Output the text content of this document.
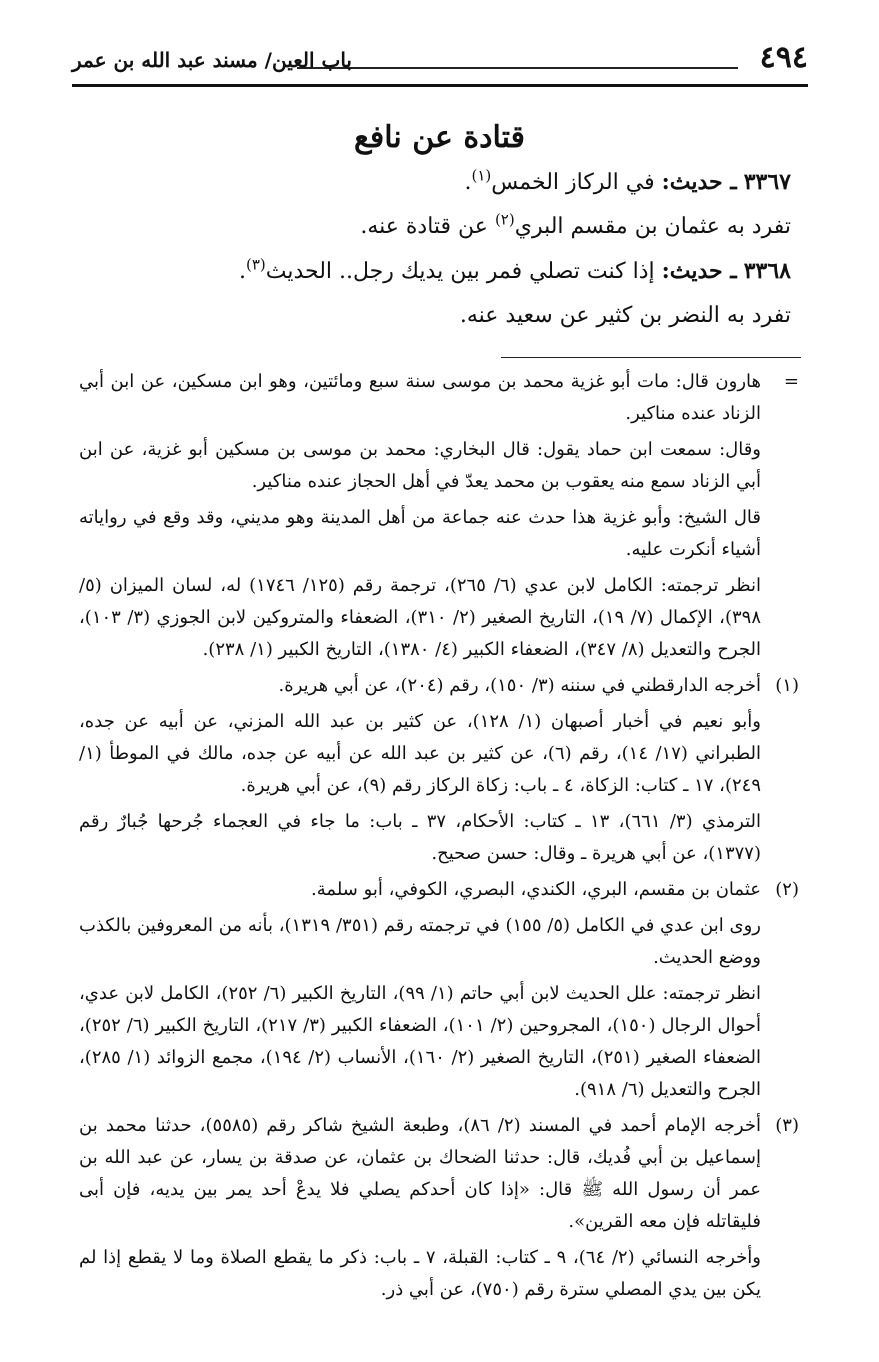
٤٩٤
باب العين/ مسند عبد الله بن عمر
قتادة عن نافع

٣٣٦٧ ـ حديث: في الركاز الخمس$^{(١)}$.

تفرد به عثمان بن مقسم البري$^{(٢)}$ عن قتادة عنه.

٣٣٦٨ ـ حديث: إذا كنت تصلي فمر بين يديك رجل.. الحديث$^{(٣)}$.

تفرد به النضر بن كثير عن سعيد عنه.

=

هارون قال: مات أبو غزية محمد بن موسى سنة سبع ومائتين، وهو ابن مسكين، عن ابن أبي الزناد عنده مناكير.

وقال: سمعت ابن حماد يقول: قال البخاري: محمد بن موسى بن مسكين أبو غزية، عن ابن أبي الزناد سمع منه يعقوب بن محمد يعدّ في أهل الحجاز عنده مناكير.

قال الشيخ: وأبو غزية هذا حدث عنه جماعة من أهل المدينة وهو مديني، وقد وقع في رواياته أشياء أنكرت عليه.

انظر ترجمته: الكامل لابن عدي (٦/ ٢٦٥)، ترجمة رقم (١٢٥/ ١٧٤٦) له، لسان الميزان (٥/ ٣٩٨)، الإكمال (٧/ ١٩)، التاريخ الصغير (٢/ ٣١٠)، الضعفاء والمتروكين لابن الجوزي (٣/ ١٠٣)، الجرح والتعديل (٨/ ٣٤٧)، الضعفاء الكبير (٤/ ١٣٨٠)، التاريخ الكبير (١/ ٢٣٨).

(١)

أخرجه الدارقطني في سننه (٣/ ١٥٠)، رقم (٢٠٤)، عن أبي هريرة.

وأبو نعيم في أخبار أصبهان (١/ ١٢٨)، عن كثير بن عبد الله المزني، عن أبيه عن جده، الطبراني (١٧/ ١٤)، رقم (٦)، عن كثير بن عبد الله عن أبيه عن جده، مالك في الموطأ (١/ ٢٤٩)، ١٧ ـ كتاب: الزكاة، ٤ ـ باب: زكاة الركاز رقم (٩)، عن أبي هريرة.

الترمذي (٣/ ٦٦١)، ١٣ ـ كتاب: الأحكام، ٣٧ ـ باب: ما جاء في العجماء جُرحها جُبارٌ رقم (١٣٧٧)، عن أبي هريرة ـ وقال: حسن صحيح.

(٢)

عثمان بن مقسم، البري، الكندي، البصري، الكوفي، أبو سلمة.

روى ابن عدي في الكامل (٥/ ١٥٥) في ترجمته رقم (٣٥١/ ١٣١٩)، بأنه من المعروفين بالكذب ووضع الحديث.

انظر ترجمته: علل الحديث لابن أبي حاتم (١/ ٩٩)، التاريخ الكبير (٦/ ٢٥٢)، الكامل لابن عدي، أحوال الرجال (١٥٠)، المجروحين (٢/ ١٠١)، الضعفاء الكبير (٣/ ٢١٧)، التاريخ الكبير (٦/ ٢٥٢)، الضعفاء الصغير (٢٥١)، التاريخ الصغير (٢/ ١٦٠)، الأنساب (٢/ ١٩٤)، مجمع الزوائد (١/ ٢٨٥)، الجرح والتعديل (٦/ ٩١٨).

(٣)

أخرجه الإمام أحمد في المسند (٢/ ٨٦)، وطبعة الشيخ شاكر رقم (٥٥٨٥)، حدثنا محمد بن إسماعيل بن أبي فُديك، قال: حدثنا الضحاك بن عثمان، عن صدقة بن يسار، عن عبد الله بن عمر أن رسول الله ﷺ قال: «إذا كان أحدكم يصلي فلا يدعْ أحد يمر بين يديه، فإن أبى فليقاتله فإن معه القرين».

وأخرجه النسائي (٢/ ٦٤)، ٩ ـ كتاب: القبلة، ٧ ـ باب: ذكر ما يقطع الصلاة وما لا يقطع إذا لم يكن بين يدي المصلي سترة رقم (٧٥٠)، عن أبي ذر.
